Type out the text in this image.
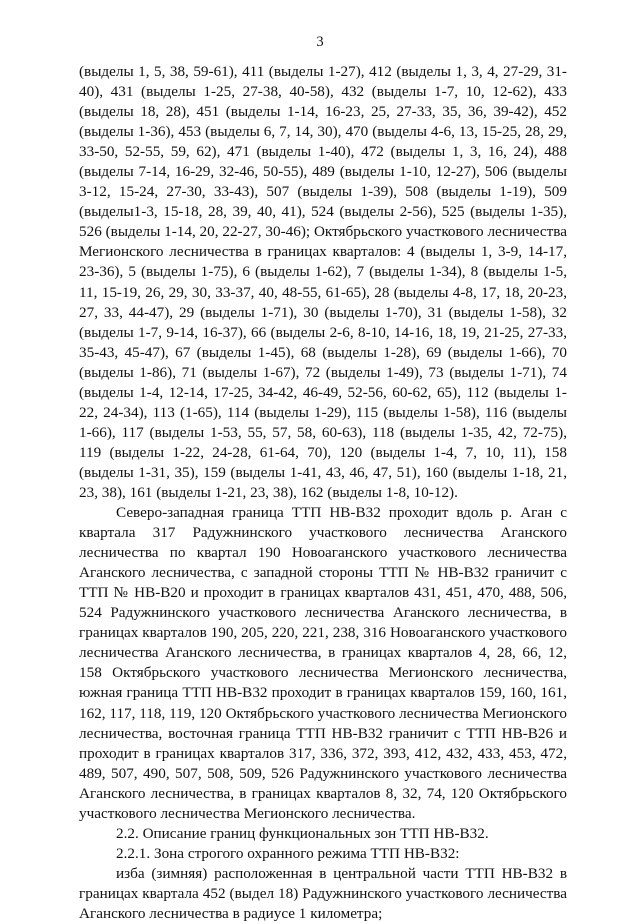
3

(выделы 1, 5, 38, 59-61), 411 (выделы 1-27), 412 (выделы 1, 3, 4, 27-29, 31-40), 431 (выделы 1-25, 27-38, 40-58), 432 (выделы 1-7, 10, 12-62), 433 (выделы 18, 28), 451 (выделы 1-14, 16-23, 25, 27-33, 35, 36, 39-42), 452 (выделы 1-36), 453 (выделы 6, 7, 14, 30), 470 (выделы 4-6, 13, 15-25, 28, 29, 33-50, 52-55, 59, 62), 471 (выделы 1-40), 472 (выделы 1, 3, 16, 24), 488 (выделы 7-14, 16-29, 32-46, 50-55), 489 (выделы 1-10, 12-27), 506 (выделы 3-12, 15-24, 27-30, 33-43), 507 (выделы 1-39), 508 (выделы 1-19), 509 (выделы1-3, 15-18, 28, 39, 40, 41), 524 (выделы 2-56), 525 (выделы 1-35), 526 (выделы 1-14, 20, 22-27, 30-46); Октябрьского участкового лесничества Мегионского лесничества в границах кварталов: 4 (выделы 1, 3-9, 14-17, 23-36), 5 (выделы 1-75), 6 (выделы 1-62), 7 (выделы 1-34), 8 (выделы 1-5, 11, 15-19, 26, 29, 30, 33-37, 40, 48-55, 61-65), 28 (выделы 4-8, 17, 18, 20-23, 27, 33, 44-47), 29 (выделы 1-71), 30 (выделы 1-70), 31 (выделы 1-58), 32 (выделы 1-7, 9-14, 16-37), 66 (выделы 2-6, 8-10, 14-16, 18, 19, 21-25, 27-33, 35-43, 45-47), 67 (выделы 1-45), 68 (выделы 1-28), 69 (выделы 1-66), 70 (выделы 1-86), 71 (выделы 1-67), 72 (выделы 1-49), 73 (выделы 1-71), 74 (выделы 1-4, 12-14, 17-25, 34-42, 46-49, 52-56, 60-62, 65), 112 (выделы 1-22, 24-34), 113 (1-65), 114 (выделы 1-29), 115 (выделы 1-58), 116 (выделы 1-66), 117 (выделы 1-53, 55, 57, 58, 60-63), 118 (выделы 1-35, 42, 72-75), 119 (выделы 1-22, 24-28, 61-64, 70), 120 (выделы 1-4, 7, 10, 11), 158 (выделы 1-31, 35), 159 (выделы 1-41, 43, 46, 47, 51), 160 (выделы 1-18, 21, 23, 38), 161 (выделы 1-21, 23, 38), 162 (выделы 1-8, 10-12).

Северо-западная граница ТТП НВ-В32 проходит вдоль р. Аган с квартала 317 Радужнинского участкового лесничества Аганского лесничества по квартал 190 Новоаганского участкового лесничества Аганского лесничества, с западной стороны ТТП № НВ-В32 граничит с ТТП № НВ-В20 и проходит в границах кварталов 431, 451, 470, 488, 506, 524 Радужнинского участкового лесничества Аганского лесничества, в границах кварталов 190, 205, 220, 221, 238, 316 Новоаганского участкового лесничества Аганского лесничества, в границах кварталов 4, 28, 66, 12, 158 Октябрьского участкового лесничества Мегионского лесничества, южная граница ТТП НВ-В32 проходит в границах кварталов 159, 160, 161, 162, 117, 118, 119, 120 Октябрьского участкового лесничества Мегионского лесничества, восточная граница ТТП НВ-В32 граничит с ТТП НВ-В26 и проходит в границах кварталов 317, 336, 372, 393, 412, 432, 433, 453, 472, 489, 507, 490, 507, 508, 509, 526 Радужнинского участкового лесничества Аганского лесничества, в границах кварталов 8, 32, 74, 120 Октябрьского участкового лесничества Мегионского лесничества.

2.2. Описание границ функциональных зон ТТП НВ-В32.

2.2.1. Зона строгого охранного режима ТТП НВ-В32:

изба (зимняя) расположенная в центральной части ТТП НВ-В32 в границах квартала 452 (выдел 18) Радужнинского участкового лесничества Аганского лесничества в радиусе 1 километра;
